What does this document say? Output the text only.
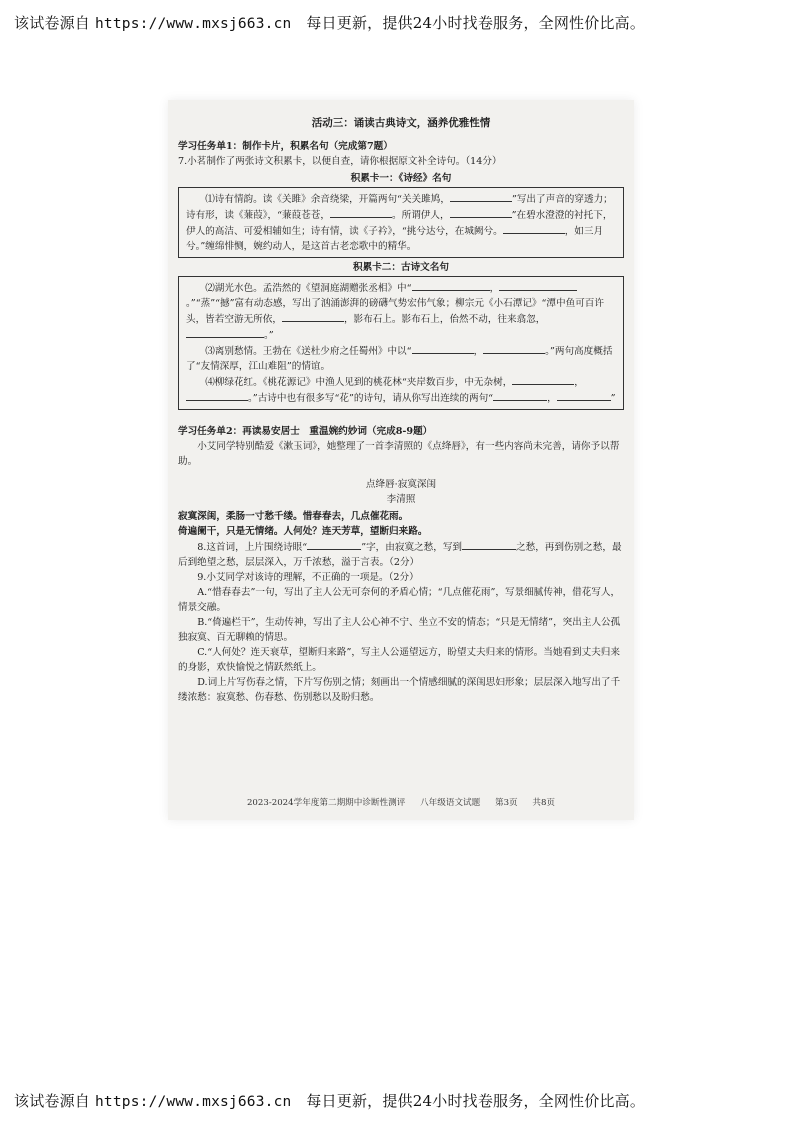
该试卷源自 https://www.mxsj663.cn 每日更新，提供24小时找卷服务，全网性价比高。

活动三：诵读古典诗文，涵养优雅性情

学习任务单1：制作卡片，积累名句（完成第7题）

7.小茗制作了两张诗文积累卡，以便自查，请你根据原文补全诗句。（14分）

积累卡一：《诗经》名句

⑴诗有情韵。读《关雎》余音绕梁，开篇两句“关关雎鸠，	”写出了声音的穿透力；诗有形，读《蒹葭》，“蒹葭苍苍，	。所谓伊人，	”在碧水澄澄的衬托下，伊人的高洁、可爱相辅如生；诗有情，读《子衿》，“挑兮达兮，在城阙兮。	，如三月兮。”缠绵悱恻，婉约动人，是这首古老恋歌中的精华。

积累卡二：古诗文名句

⑵湖光水色。孟浩然的《望洞庭湖赠张丞相》中“	，。”“蒸”“撼”富有动态感，写出了汹涌澎湃的磅礴气势宏伟气象；柳宗元《小石潭记》“潭中鱼可百许头，皆若空游无所依，	，影布石上。影布石上，佁然不动，往来翕忽，。”

⑶离别愁情。王勃在《送杜少府之任蜀州》中以“	，	。”两句高度概括了“友情深厚，江山难阻”的情谊。

⑷柳绿花红。《桃花源记》中渔人见到的桃花林“夹岸数百步，中无杂树，	，。”古诗中也有很多写“花”的诗句，请从你写出连续的两句“	，	”

学习任务单2：再读易安居士　重温婉约妙词（完成8-9题）

小艾同学特别酷爱《漱玉词》，她整理了一首李清照的《点绛唇》，有一些内容尚未完善，请你予以帮助。

点绛唇·寂寞深闺

李清照

寂寞深闺，柔肠一寸愁千缕。惜春春去，几点催花雨。

倚遍阑干，只是无情绪。人何处？连天芳草，望断归来路。

8.这首词，上片围绕诗眼“	”字，由寂寞之愁，写到	之愁，再到伤别之愁，最后到绝望之愁，层层深入，万千浓愁，溢于言表。（2分）

9.小艾同学对该诗的理解，不正确的一项是。（2分）

A.“惜春春去”一句，写出了主人公无可奈何的矛盾心情；“几点催花雨”，写景细腻传神，借花写人，情景交融。

B.“倚遍栏干”，生动传神，写出了主人公心神不宁、坐立不安的情态；“只是无情绪”，突出主人公孤独寂寞、百无聊赖的情思。

C.“人何处？连天衰草，望断归来路”，写主人公遥望远方，盼望丈夫归来的情形。当她看到丈夫归来的身影，欢快愉悦之情跃然纸上。

D.词上片写伤春之情，下片写伤别之情；刻画出一个情感细腻的深闺思妇形象；层层深入地写出了千缕浓愁：寂寞愁、伤春愁、伤别愁以及盼归愁。

2023-2024学年度第二期期中诊断性测评 八年级语文试题 第3页 共8页
该试卷源自 https://www.mxsj663.cn 每日更新，提供24小时找卷服务，全网性价比高。
